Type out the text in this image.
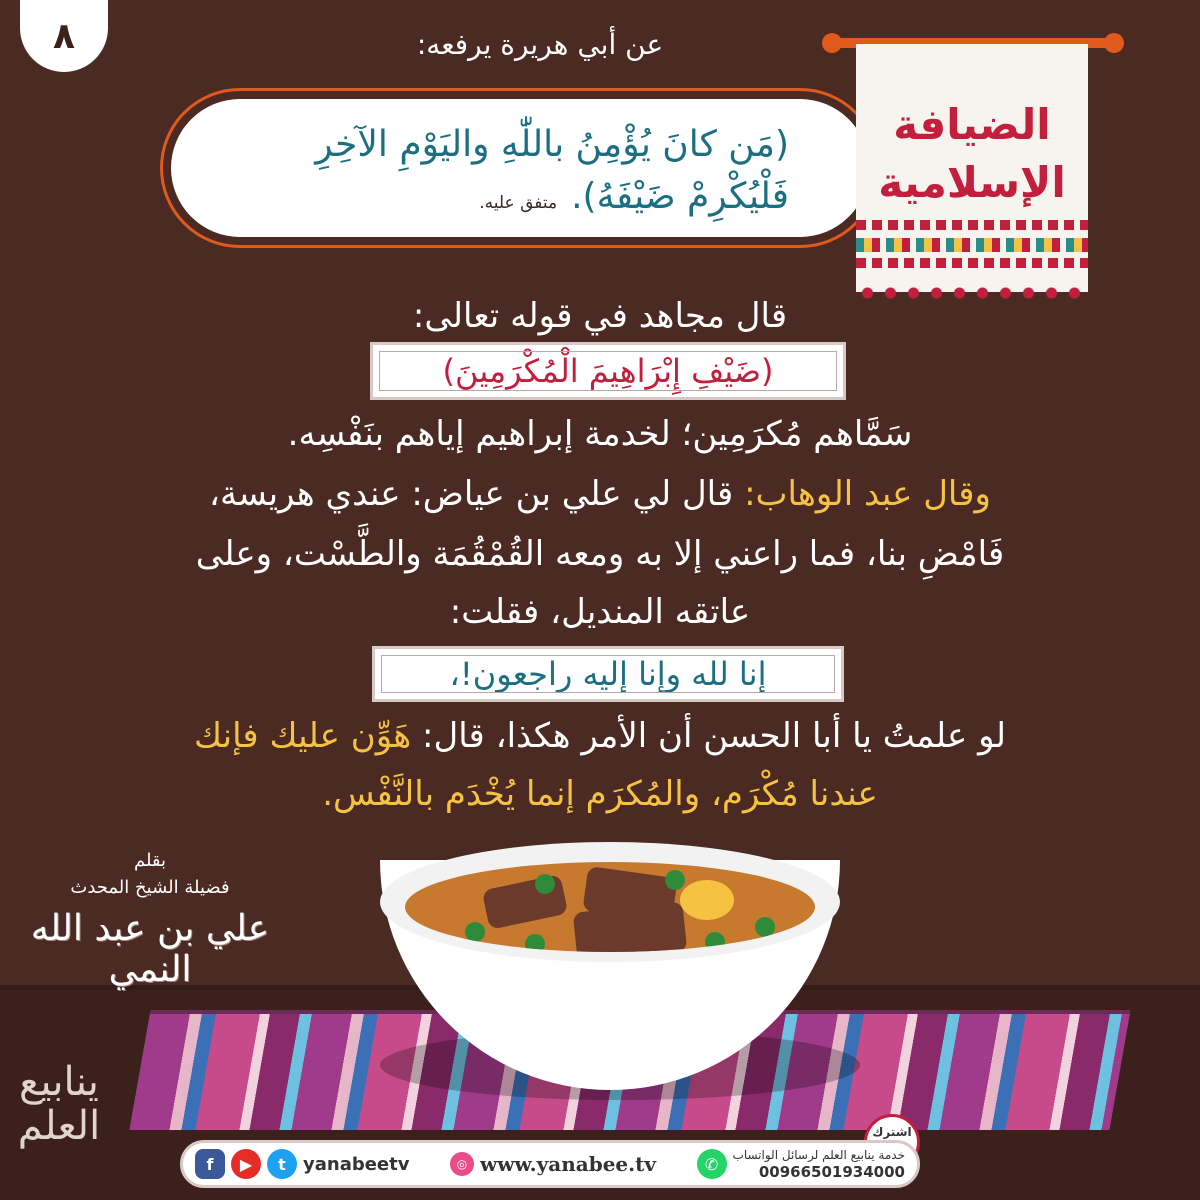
٨	عن أبي هريرة يرفعه:
(مَن كانَ يُؤْمِنُ باللّٰهِ واليَوْمِ الآخِرِ
فَلْيُكْرِمْ ضَيْفَهُ).
متفق عليه.
الضيافة
الإسلامية
قال مجاهد في قوله تعالى:
(ضَيْفِ إِبْرَاهِيمَ الْمُكْرَمِينَ)
سَمَّاهم مُكرَمِين؛ لخدمة إبراهيم إياهم بنَفْسِه.
وقال عبد الوهاب: قال لي علي بن عياض: عندي هريسة،
فَامْضِ بنا، فما راعني إلا به ومعه القُمْقُمَة والطَّسْت، وعلى
عاتقه المنديل، فقلت:
إنا لله وإنا إليه راجعون!،
لو علمتُ يا أبا الحسن أن الأمر هكذا، قال: هَوِّن عليك فإنك
عندنا مُكْرَم، والمُكرَم إنما يُخْدَم بالنَّفْس.
بقلم
فضيلة الشيخ المحدث
علي بن عبد الله النمي
ينابيع العلم	اشترك
f	▶	t yanabeetv	◎ www.yanabee.tv	✆	خدمة ينابيع العلم لرسائل الواتساب
00966501934000
